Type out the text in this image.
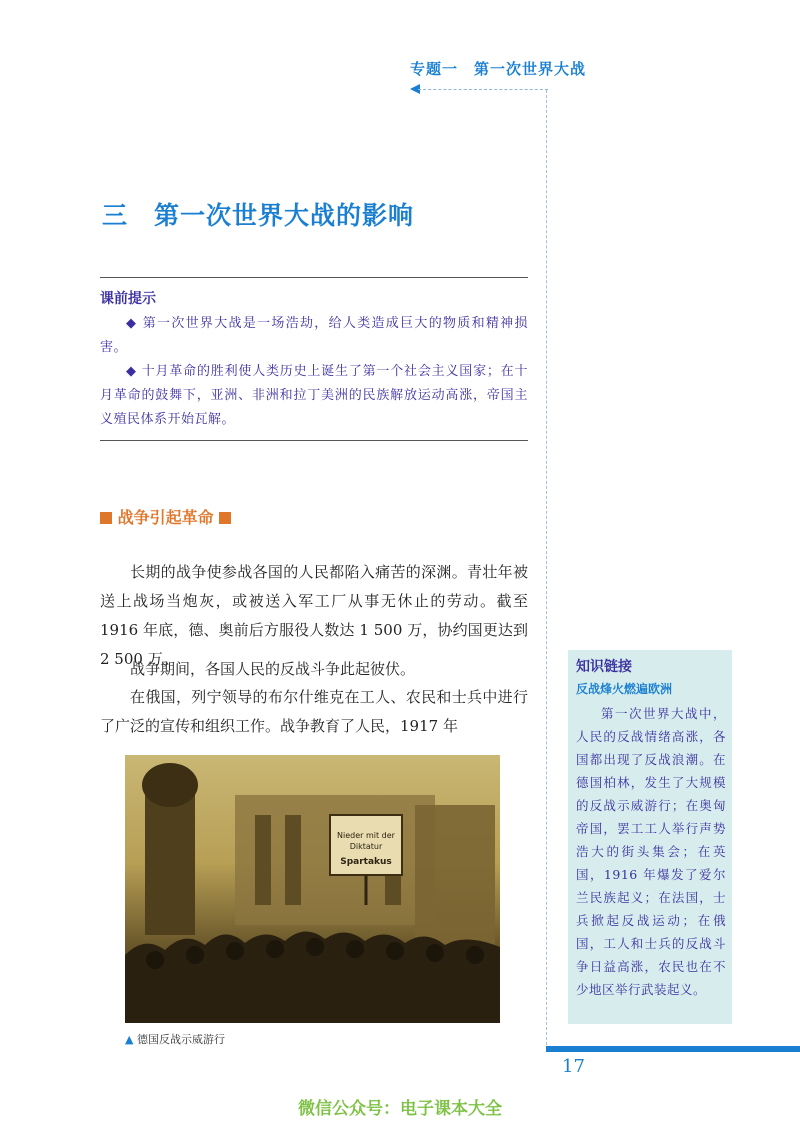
专题一　第一次世界大战
三　第一次世界大战的影响
课前提示
◆ 第一次世界大战是一场浩劫，给人类造成巨大的物质和精神损害。
◆ 十月革命的胜利使人类历史上诞生了第一个社会主义国家；在十月革命的鼓舞下，亚洲、非洲和拉丁美洲的民族解放运动高涨，帝国主义殖民体系开始瓦解。
战争引起革命
长期的战争使参战各国的人民都陷入痛苦的深渊。青壮年被送上战场当炮灰，或被送入军工厂从事无休止的劳动。截至 1916 年底，德、奥前后方服役人数达 1 500 万，协约国更达到 2 500 万。
战争期间，各国人民的反战斗争此起彼伏。
在俄国，列宁领导的布尔什维克在工人、农民和士兵中进行了广泛的宣传和组织工作。战争教育了人民，1917 年
Nieder mit der
Diktatur
Spartakus
▲ 德国反战示威游行
知识链接
反战烽火燃遍欧洲
第一次世界大战中，人民的反战情绪高涨，各国都出现了反战浪潮。在德国柏林，发生了大规模的反战示威游行；在奥匈帝国，罢工工人举行声势浩大的街头集会；在英国，1916 年爆发了爱尔兰民族起义；在法国，士兵掀起反战运动；在俄国，工人和士兵的反战斗争日益高涨，农民也在不少地区举行武装起义。
17
微信公众号：电子课本大全
